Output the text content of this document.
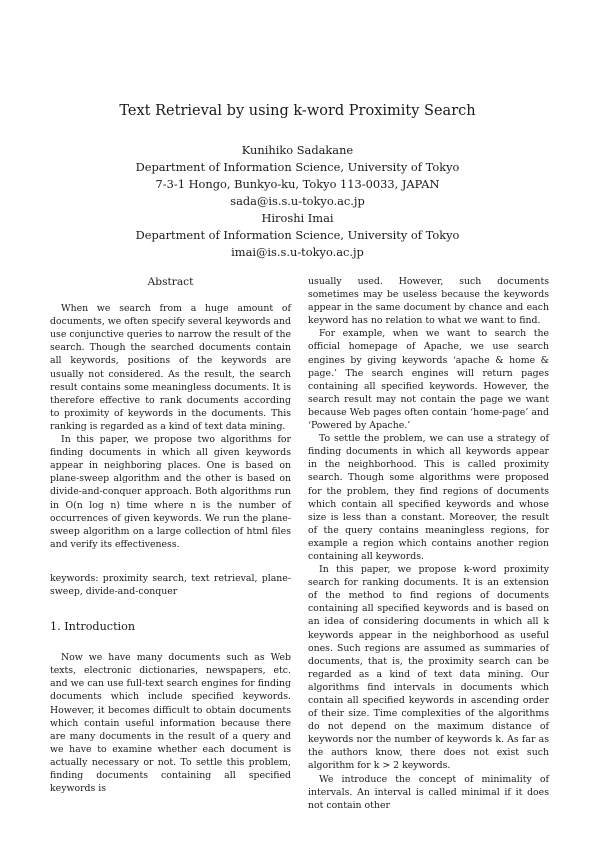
Text Retrieval by using k-word Proximity Search
Kunihiko Sadakane
Department of Information Science, University of Tokyo
7-3-1 Hongo, Bunkyo-ku, Tokyo 113-0033, JAPAN
sada@is.s.u-tokyo.ac.jp
Hiroshi Imai
Department of Information Science, University of Tokyo
imai@is.s.u-tokyo.ac.jp
Abstract

When we search from a huge amount of documents, we often specify several keywords and use conjunctive queries to narrow the result of the search. Though the searched documents contain all keywords, positions of the keywords are usually not considered. As the result, the search result contains some meaningless documents. It is therefore effective to rank documents according to proximity of keywords in the documents. This ranking is regarded as a kind of text data mining.

In this paper, we propose two algorithms for finding documents in which all given keywords appear in neighboring places. One is based on plane-sweep algorithm and the other is based on divide-and-conquer approach. Both algorithms run in O(n log n) time where n is the number of occurrences of given keywords. We run the plane-sweep algorithm on a large collection of html files and verify its effectiveness.

keywords: proximity search, text retrieval, plane-sweep, divide-and-conquer

1. Introduction

Now we have many documents such as Web texts, electronic dictionaries, newspapers, etc. and we can use full-text search engines for finding documents which include specified keywords. However, it becomes difficult to obtain documents which contain useful information because there are many documents in the result of a query and we have to examine whether each document is actually necessary or not. To settle this problem, finding documents containing all specified keywords is

usually used. However, such documents sometimes may be useless because the keywords appear in the same document by chance and each keyword has no relation to what we want to find.

For example, when we want to search the official homepage of Apache, we use search engines by giving keywords ‘apache & home & page.’ The search engines will return pages containing all specified keywords. However, the search result may not contain the page we want because Web pages often contain ‘home-page’ and ‘Powered by Apache.’

To settle the problem, we can use a strategy of finding documents in which all keywords appear in the neighborhood. This is called proximity search. Though some algorithms were proposed for the problem, they find regions of documents which contain all specified keywords and whose size is less than a constant. Moreover, the result of the query contains meaningless regions, for example a region which contains another region containing all keywords.

In this paper, we propose k-word proximity search for ranking documents. It is an extension of the method to find regions of documents containing all specified keywords and is based on an idea of considering documents in which all k keywords appear in the neighborhood as useful ones. Such regions are assumed as summaries of documents, that is, the proximity search can be regarded as a kind of text data mining. Our algorithms find intervals in documents which contain all specified keywords in ascending order of their size. Time complexities of the algorithms do not depend on the maximum distance of keywords nor the number of keywords k. As far as the authors know, there does not exist such algorithm for k > 2 keywords.

We introduce the concept of minimality of intervals. An interval is called minimal if it does not contain other
